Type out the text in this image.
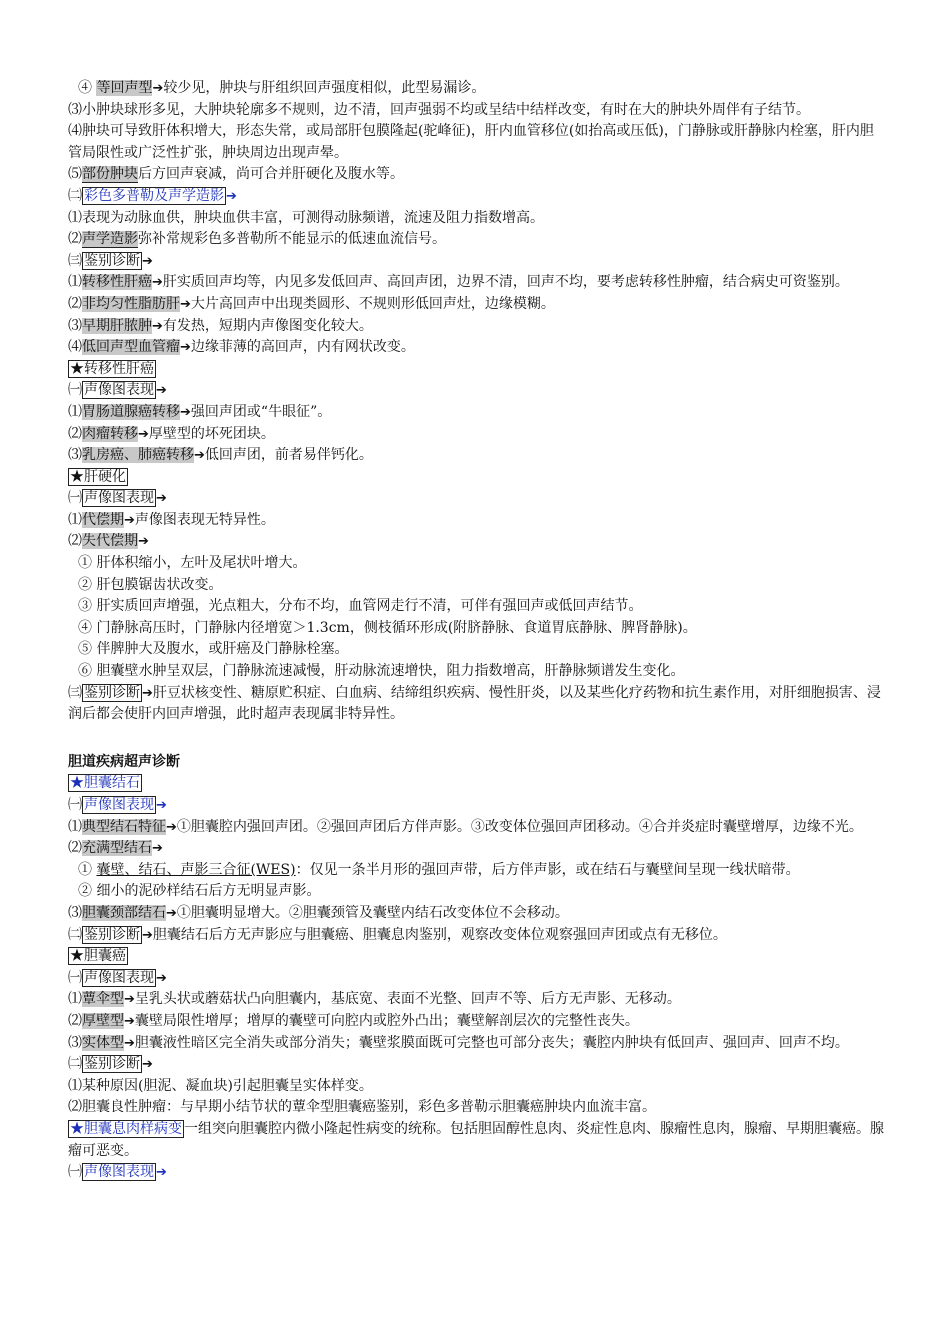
④ 等回声型➔较少见，肿块与肝组织回声强度相似，此型易漏诊。
⑶小肿块球形多见，大肿块轮廓多不规则，边不清，回声强弱不均或呈结中结样改变，有时在大的肿块外周伴有子结节。
⑷肿块可导致肝体积增大，形态失常，或局部肝包膜隆起(驼峰征)，肝内血管移位(如抬高或压低)，门静脉或肝静脉内栓塞，肝内胆管局限性或广泛性扩张，肿块周边出现声晕。
⑸部份肿块后方回声衰减，尚可合并肝硬化及腹水等。
㈡ 彩色多普勒及声学造影 ➔
⑴表现为动脉血供，肿块血供丰富，可测得动脉频谱，流速及阻力指数增高。
⑵声学造影弥补常规彩色多普勒所不能显示的低速血流信号。
㈢ 鉴别诊断 ➔
⑴转移性肝癌➔肝实质回声均等，内见多发低回声、高回声团，边界不清，回声不均，要考虑转移性肿瘤，结合病史可资鉴别。
⑵非均匀性脂肪肝➔大片高回声中出现类圆形、不规则形低回声灶，边缘模糊。
⑶早期肝脓肿➔有发热，短期内声像图变化较大。
⑷低回声型血管瘤➔边缘菲薄的高回声，内有网状改变。
★转移性肝癌
㈠ 声像图表现 ➔
⑴胃肠道腺癌转移➔强回声团或“牛眼征”。
⑵肉瘤转移➔厚壁型的坏死团块。
⑶乳房癌、肺癌转移➔低回声团，前者易伴钙化。
★肝硬化
㈠ 声像图表现 ➔
⑴代偿期➔声像图表现无特异性。
⑵失代偿期➔
① 肝体积缩小，左叶及尾状叶增大。
② 肝包膜锯齿状改变。
③ 肝实质回声增强，光点粗大，分布不均，血管网走行不清，可伴有强回声或低回声结节。
④ 门静脉高压时，门静脉内径增宽＞1.3cm，侧枝循环形成(附脐静脉、食道胃底静脉、脾肾静脉)。
⑤ 伴脾肿大及腹水，或肝癌及门静脉栓塞。
⑥ 胆囊壁水肿呈双层，门静脉流速减慢，肝动脉流速增快，阻力指数增高，肝静脉频谱发生变化。
㈢ 鉴别诊断 ➔肝豆状核变性、糖原贮积症、白血病、结缔组织疾病、慢性肝炎，以及某些化疗药物和抗生素作用，对肝细胞损害、浸润后都会使肝内回声增强，此时超声表现属非特异性。
胆道疾病超声诊断
★胆囊结石
㈠ 声像图表现 ➔
⑴典型结石特征➔①胆囊腔内强回声团。②强回声团后方伴声影。③改变体位强回声团移动。④合并炎症时囊壁增厚，边缘不光。
⑵充满型结石➔
① 囊壁、结石、声影三合征(WES)：仅见一条半月形的强回声带，后方伴声影，或在结石与囊壁间呈现一线状暗带。
② 细小的泥砂样结石后方无明显声影。
⑶胆囊颈部结石➔①胆囊明显增大。②胆囊颈管及囊壁内结石改变体位不会移动。
㈡ 鉴别诊断 ➔胆囊结石后方无声影应与胆囊癌、胆囊息肉鉴别，观察改变体位观察强回声团或点有无移位。
★胆囊癌
㈠ 声像图表现 ➔
⑴蕈伞型➔呈乳头状或蘑菇状凸向胆囊内，基底宽、表面不光整、回声不等、后方无声影、无移动。
⑵厚壁型➔囊壁局限性增厚；增厚的囊壁可向腔内或腔外凸出；囊壁解剖层次的完整性丧失。
⑶实体型➔胆囊液性暗区完全消失或部分消失；囊壁浆膜面既可完整也可部分丧失；囊腔内肿块有低回声、强回声、回声不均。
㈡ 鉴别诊断 ➔
⑴某种原因(胆泥、凝血块)引起胆囊呈实体样变。
⑵胆囊良性肿瘤：与早期小结节状的蕈伞型胆囊癌鉴别，彩色多普勒示胆囊癌肿块内血流丰富。
★胆囊息肉样病变 一组突向胆囊腔内微小隆起性病变的统称。包括胆固醇性息肉、炎症性息肉、腺瘤性息肉，腺瘤、早期胆囊癌。腺瘤可恶变。
㈠ 声像图表现 ➔
